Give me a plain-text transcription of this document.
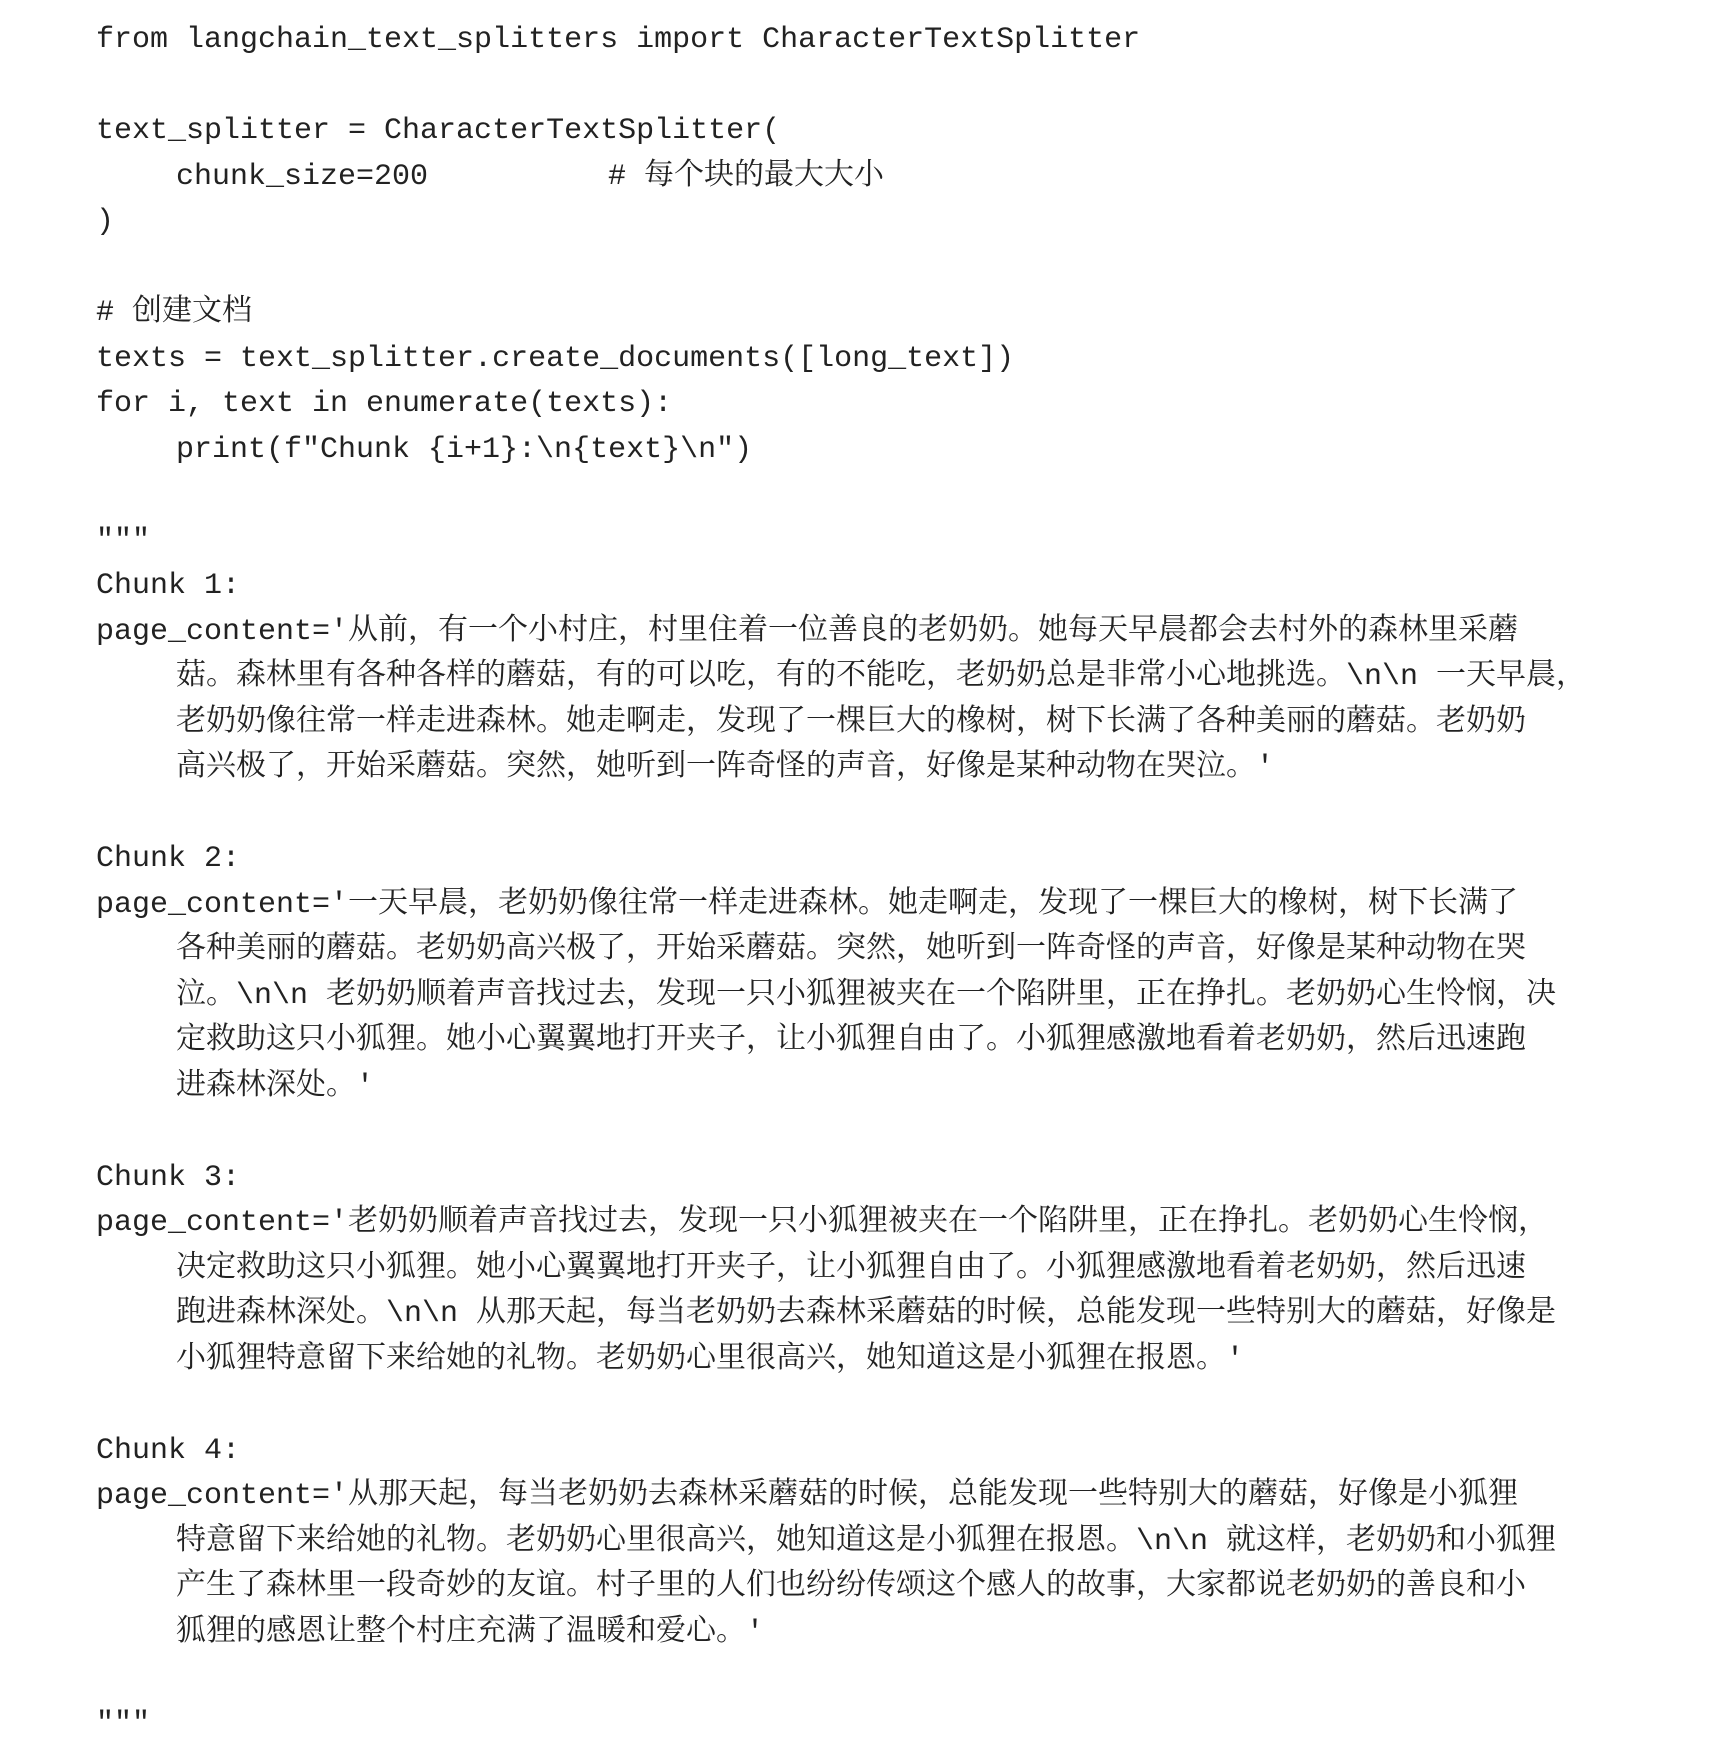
from langchain_text_splitters import CharacterTextSplitter
text_splitter = CharacterTextSplitter(
chunk_size=200	# 每个块的最大大小
)
# 创建文档
texts = text_splitter.create_documents([long_text])
for i, text in enumerate(texts):
print(f"Chunk {i+1}:\n{text}\n")
"""
Chunk 1:
page_content='从前，有一个小村庄，村里住着一位善良的老奶奶。她每天早晨都会去村外的森林里采蘑
菇。森林里有各种各样的蘑菇，有的可以吃，有的不能吃，老奶奶总是非常小心地挑选。\n\n 一天早晨，
老奶奶像往常一样走进森林。她走啊走，发现了一棵巨大的橡树，树下长满了各种美丽的蘑菇。老奶奶
高兴极了，开始采蘑菇。突然，她听到一阵奇怪的声音，好像是某种动物在哭泣。'
Chunk 2:
page_content='一天早晨，老奶奶像往常一样走进森林。她走啊走，发现了一棵巨大的橡树，树下长满了
各种美丽的蘑菇。老奶奶高兴极了，开始采蘑菇。突然，她听到一阵奇怪的声音，好像是某种动物在哭
泣。\n\n 老奶奶顺着声音找过去，发现一只小狐狸被夹在一个陷阱里，正在挣扎。老奶奶心生怜悯，决
定救助这只小狐狸。她小心翼翼地打开夹子，让小狐狸自由了。小狐狸感激地看着老奶奶，然后迅速跑
进森林深处。'
Chunk 3:
page_content='老奶奶顺着声音找过去，发现一只小狐狸被夹在一个陷阱里，正在挣扎。老奶奶心生怜悯，
决定救助这只小狐狸。她小心翼翼地打开夹子，让小狐狸自由了。小狐狸感激地看着老奶奶，然后迅速
跑进森林深处。\n\n 从那天起，每当老奶奶去森林采蘑菇的时候，总能发现一些特别大的蘑菇，好像是
小狐狸特意留下来给她的礼物。老奶奶心里很高兴，她知道这是小狐狸在报恩。'
Chunk 4:
page_content='从那天起，每当老奶奶去森林采蘑菇的时候，总能发现一些特别大的蘑菇，好像是小狐狸
特意留下来给她的礼物。老奶奶心里很高兴，她知道这是小狐狸在报恩。\n\n 就这样，老奶奶和小狐狸
产生了森林里一段奇妙的友谊。村子里的人们也纷纷传颂这个感人的故事，大家都说老奶奶的善良和小
狐狸的感恩让整个村庄充满了温暖和爱心。'
"""
